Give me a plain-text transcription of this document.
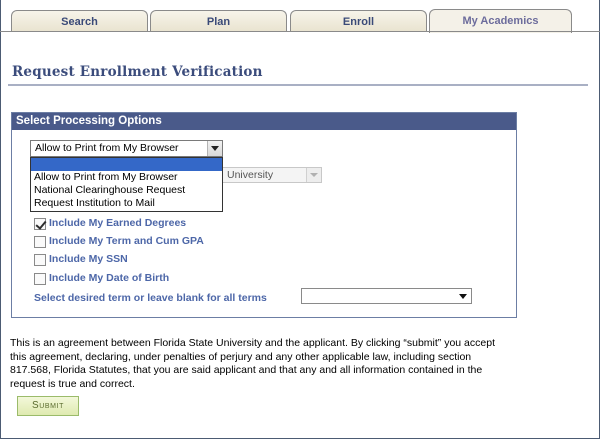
Search	Plan	Enroll	My Academics
Request Enrollment Verification
Select Processing Options
University
Allow to Print from My Browser
Allow to Print from My Browser
National Clearinghouse Request
Request Institution to Mail
Include My Earned Degrees
Include My Term and Cum GPA
Include My SSN
Include My Date of Birth
Select desired term or leave blank for all terms
This is an agreement between Florida State University and the applicant. By clicking “submit” you accept this agreement, declaring, under penalties of perjury and any other applicable law, including section 817.568, Florida Statutes, that you are said applicant and that any and all information contained in the request is true and correct.
Submit
